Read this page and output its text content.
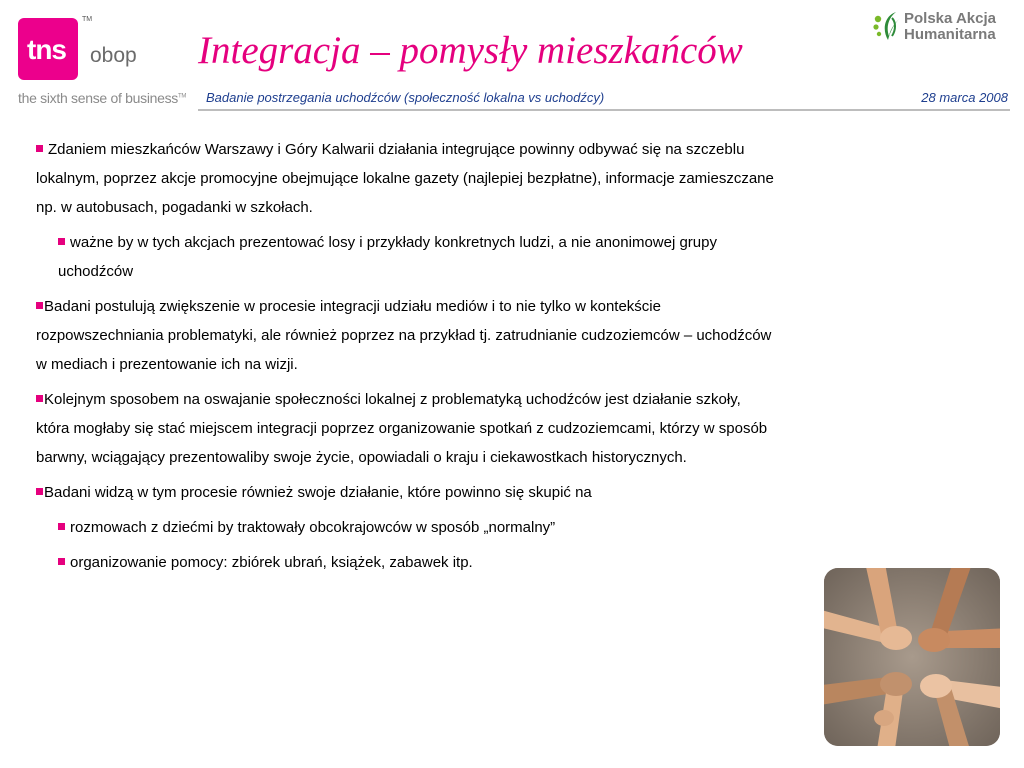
tns
TM
obop
the sixth sense of business™
Integracja – pomysły mieszkańców
Polska Akcja
Humanitarna
Badanie postrzegania uchodźców (społeczność lokalna vs uchodźcy)	28 marca 2008

Zdaniem mieszkańców Warszawy i Góry Kalwarii działania integrujące powinny odbywać się na szczeblu lokalnym, poprzez akcje promocyjne obejmujące lokalne gazety (najlepiej bezpłatne), informacje zamieszczane np. w autobusach, pogadanki w szkołach.

ważne by w tych akcjach prezentować losy i przykłady konkretnych ludzi, a nie anonimowej grupy uchodźców

Badani postulują zwiększenie w procesie integracji udziału mediów i to nie tylko w kontekście rozpowszechniania problematyki, ale również poprzez na przykład tj. zatrudnianie cudzoziemców – uchodźców w mediach i prezentowanie ich na wizji.

Kolejnym sposobem na oswajanie społeczności lokalnej z problematyką uchodźców jest działanie szkoły, która mogłaby się stać miejscem integracji poprzez organizowanie spotkań z cudzoziemcami, którzy w sposób barwny, wciągający prezentowaliby swoje życie, opowiadali o kraju i ciekawostkach historycznych.

Badani widzą w tym procesie również swoje działanie, które powinno się skupić na

rozmowach z dziećmi by traktowały obcokrajowców w sposób „normalny”

organizowanie pomocy: zbiórek ubrań, książek, zabawek itp.
